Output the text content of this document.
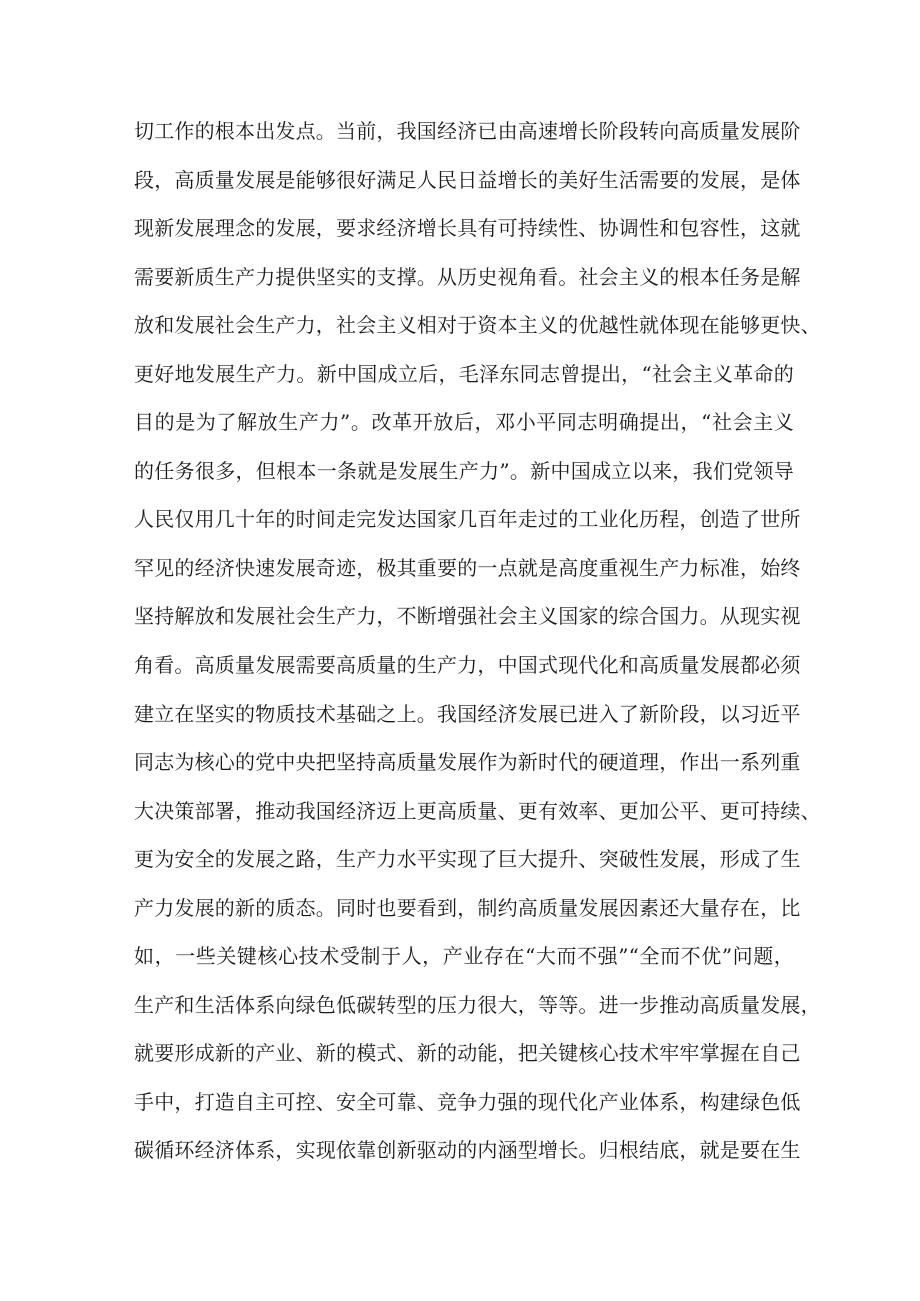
切工作的根本出发点。当前，我国经济已由高速增长阶段转向高质量发展阶
段，高质量发展是能够很好满足人民日益增长的美好生活需要的发展，是体
现新发展理念的发展，要求经济增长具有可持续性、协调性和包容性，这就
需要新质生产力提供坚实的支撑。从历史视角看。社会主义的根本任务是解
放和发展社会生产力，社会主义相对于资本主义的优越性就体现在能够更快、
更好地发展生产力。新中国成立后，毛泽东同志曾提出，“社会主义革命的
目的是为了解放生产力”。改革开放后，邓小平同志明确提出，“社会主义
的任务很多，但根本一条就是发展生产力”。新中国成立以来，我们党领导
人民仅用几十年的时间走完发达国家几百年走过的工业化历程，创造了世所
罕见的经济快速发展奇迹，极其重要的一点就是高度重视生产力标准，始终
坚持解放和发展社会生产力，不断增强社会主义国家的综合国力。从现实视
角看。高质量发展需要高质量的生产力，中国式现代化和高质量发展都必须
建立在坚实的物质技术基础之上。我国经济发展已进入了新阶段，以习近平
同志为核心的党中央把坚持高质量发展作为新时代的硬道理，作出一系列重
大决策部署，推动我国经济迈上更高质量、更有效率、更加公平、更可持续、
更为安全的发展之路，生产力水平实现了巨大提升、突破性发展，形成了生
产力发展的新的质态。同时也要看到，制约高质量发展因素还大量存在，比
如，一些关键核心技术受制于人，产业存在“大而不强”“全而不优”问题，
生产和生活体系向绿色低碳转型的压力很大，等等。进一步推动高质量发展，
就要形成新的产业、新的模式、新的动能，把关键核心技术牢牢掌握在自己
手中，打造自主可控、安全可靠、竞争力强的现代化产业体系，构建绿色低
碳循环经济体系，实现依靠创新驱动的内涵型增长。归根结底，就是要在生
